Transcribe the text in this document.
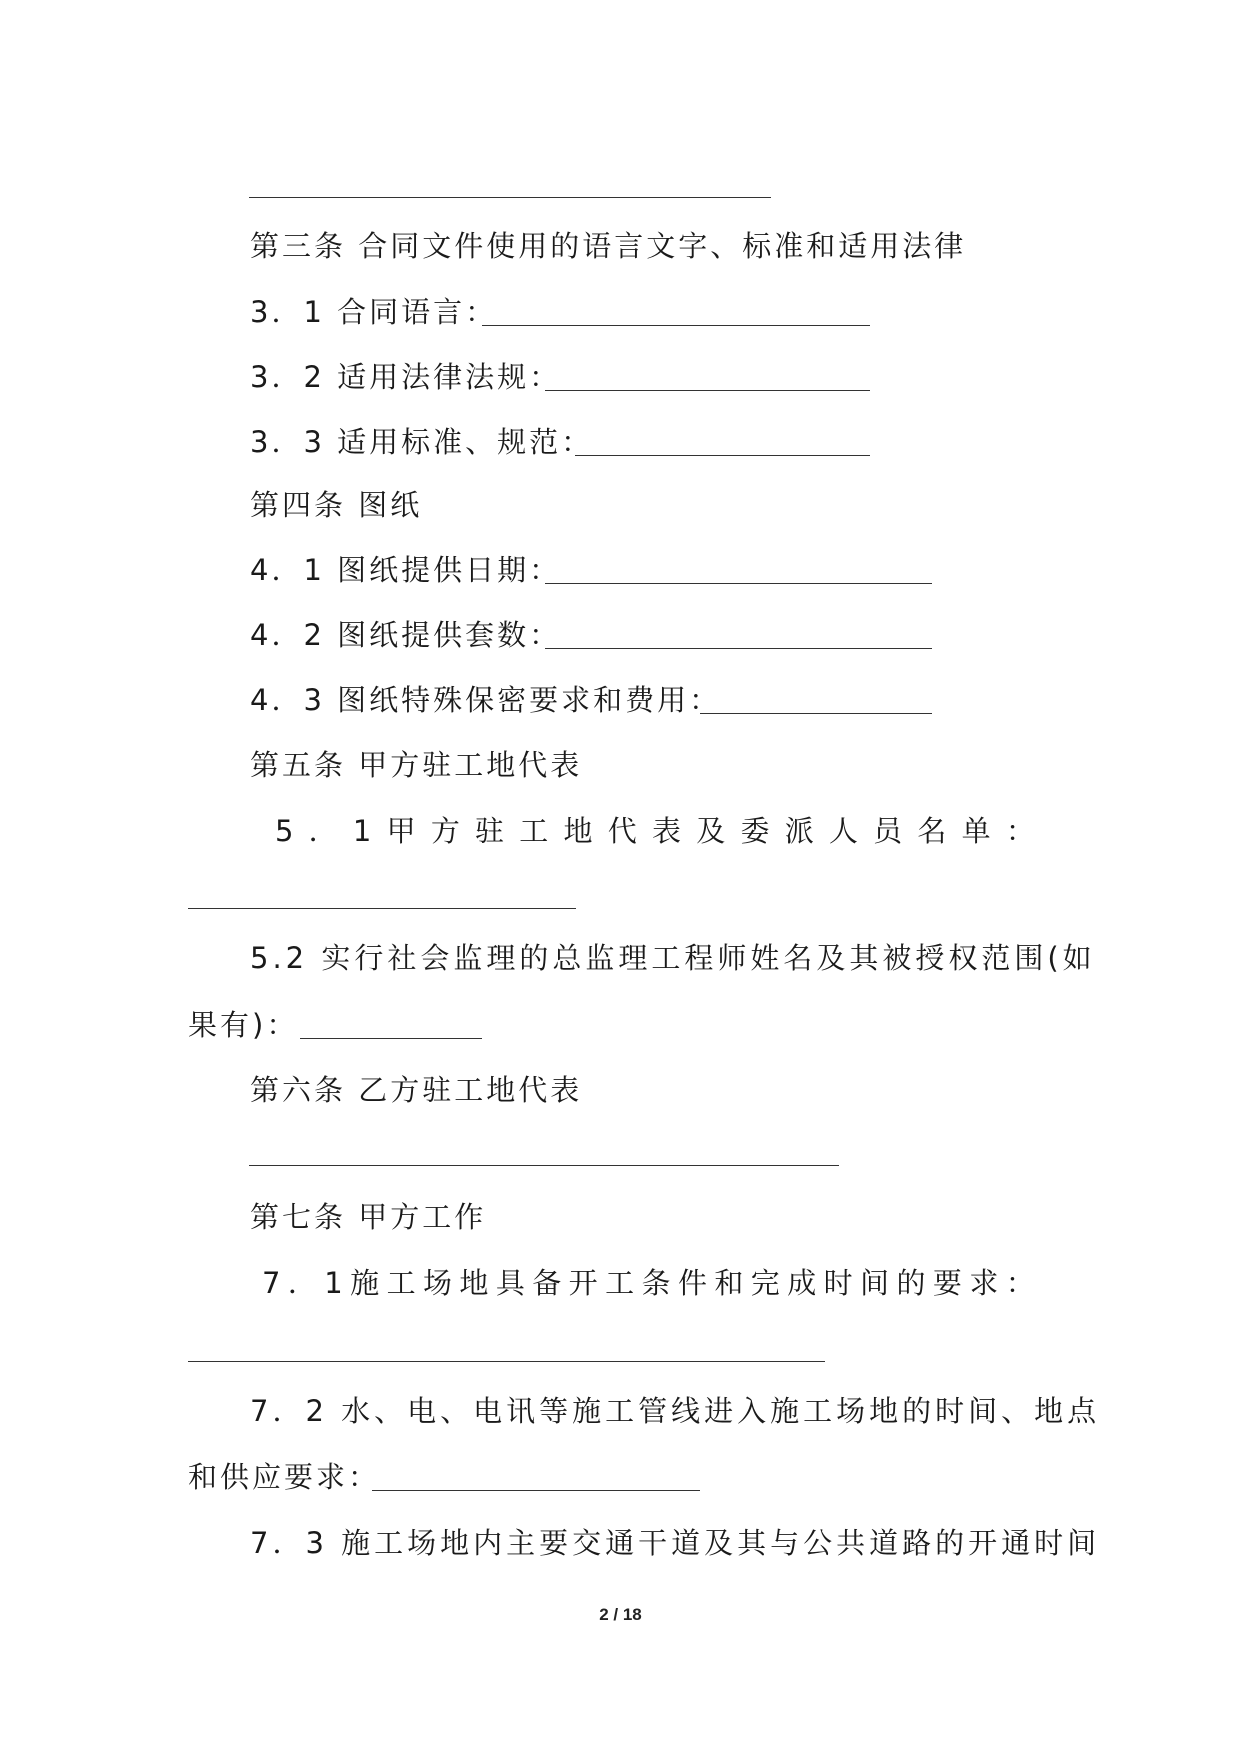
第三条 合同文件使用的语言文字、标准和适用法律
3．1 合同语言：
3．2 适用法律法规：
3．3 适用标准、规范：
第四条 图纸
4．1 图纸提供日期：
4．2 图纸提供套数：
4．3 图纸特殊保密要求和费用：
第五条 甲方驻工地代表
5 ． 1 甲 方 驻 工 地 代 表 及 委 派 人 员 名 单 ：
5.2 实行社会监理的总监理工程师姓名及其被授权范围(如
果有)：
第六条 乙方驻工地代表
第七条 甲方工作
7 ． 1 施 工 场 地 具 备 开 工 条 件 和 完 成 时 间 的 要 求 ：
7．2 水、电、电讯等施工管线进入施工场地的时间、地点
和供应要求：
7．3 施工场地内主要交通干道及其与公共道路的开通时间
2 / 18
